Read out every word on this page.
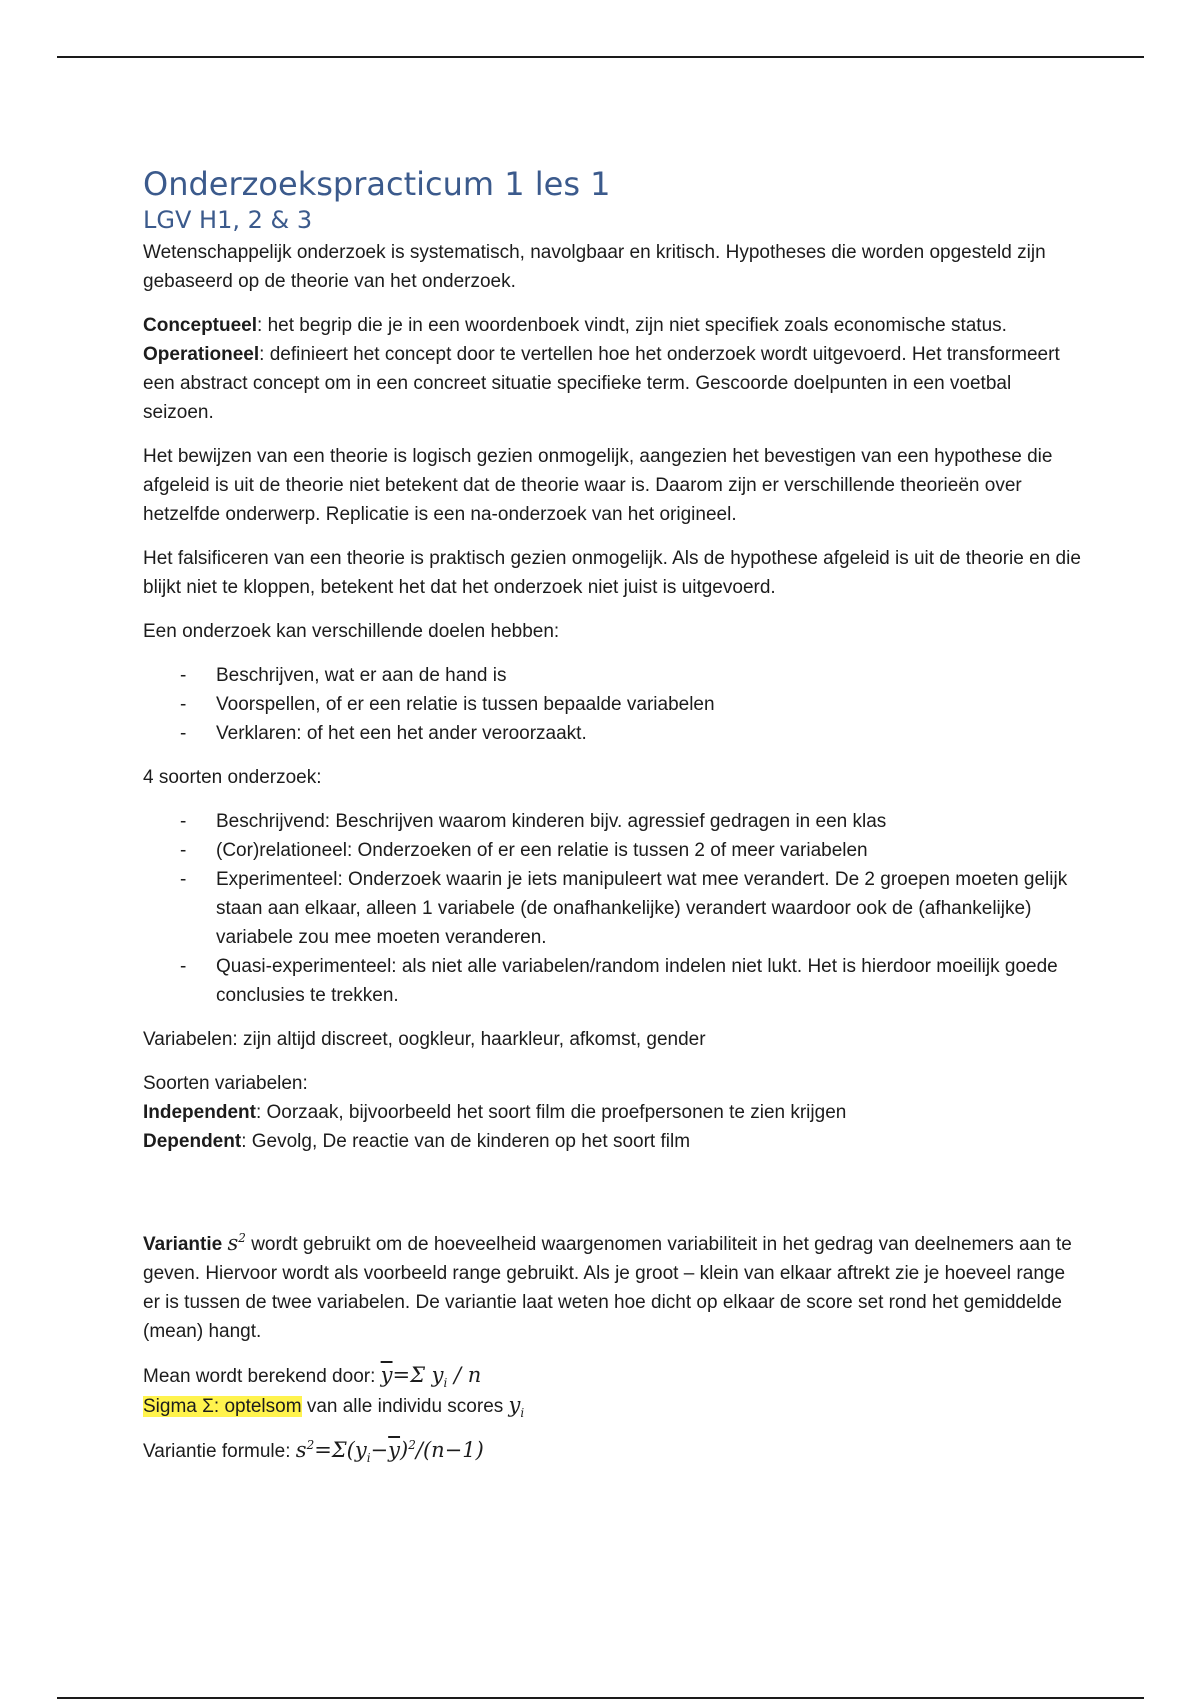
Onderzoekspracticum 1 les 1
LGV H1, 2 & 3

Wetenschappelijk onderzoek is systematisch, navolgbaar en kritisch. Hypotheses die worden opgesteld zijn gebaseerd op de theorie van het onderzoek.

Conceptueel: het begrip die je in een woordenboek vindt, zijn niet specifiek zoals economische status.

Operationeel: definieert het concept door te vertellen hoe het onderzoek wordt uitgevoerd. Het transformeert een abstract concept om in een concreet situatie specifieke term. Gescoorde doelpunten in een voetbal seizoen.

Het bewijzen van een theorie is logisch gezien onmogelijk, aangezien het bevestigen van een hypothese die afgeleid is uit de theorie niet betekent dat de theorie waar is. Daarom zijn er verschillende theorieën over hetzelfde onderwerp. Replicatie is een na-onderzoek van het origineel.

Het falsificeren van een theorie is praktisch gezien onmogelijk. Als de hypothese afgeleid is uit de theorie en die blijkt niet te kloppen, betekent het dat het onderzoek niet juist is uitgevoerd.

Een onderzoek kan verschillende doelen hebben:

- Beschrijven, wat er aan de hand is
- Voorspellen, of er een relatie is tussen bepaalde variabelen
- Verklaren: of het een het ander veroorzaakt.

4 soorten onderzoek:

- Beschrijvend: Beschrijven waarom kinderen bijv. agressief gedragen in een klas
- (Cor)relationeel: Onderzoeken of er een relatie is tussen 2 of meer variabelen
- Experimenteel: Onderzoek waarin je iets manipuleert wat mee verandert. De 2 groepen moeten gelijk staan aan elkaar, alleen 1 variabele (de onafhankelijke) verandert waardoor ook de (afhankelijke) variabele zou mee moeten veranderen.
- Quasi-experimenteel: als niet alle variabelen/random indelen niet lukt. Het is hierdoor moeilijk goede conclusies te trekken.

Variabelen: zijn altijd discreet, oogkleur, haarkleur, afkomst, gender

Soorten variabelen:

Independent: Oorzaak, bijvoorbeeld het soort film die proefpersonen te zien krijgen

Dependent: Gevolg, De reactie van de kinderen op het soort film

Variantie $s^2$ wordt gebruikt om de hoeveelheid waargenomen variabiliteit in het gedrag van deelnemers aan te geven. Hiervoor wordt als voorbeeld range gebruikt. Als je groot – klein van elkaar aftrekt zie je hoeveel range er is tussen de twee variabelen. De variantie laat weten hoe dicht op elkaar de score set rond het gemiddelde (mean) hangt.

Mean wordt berekend door: $\overline{y}=\Sigma$ $y_i$ / n

Sigma Σ: optelsom van alle individu scores $y_i$

Variantie formule: $s^2=\Sigma(y_i-\overline{y})^2/(n-1)$
